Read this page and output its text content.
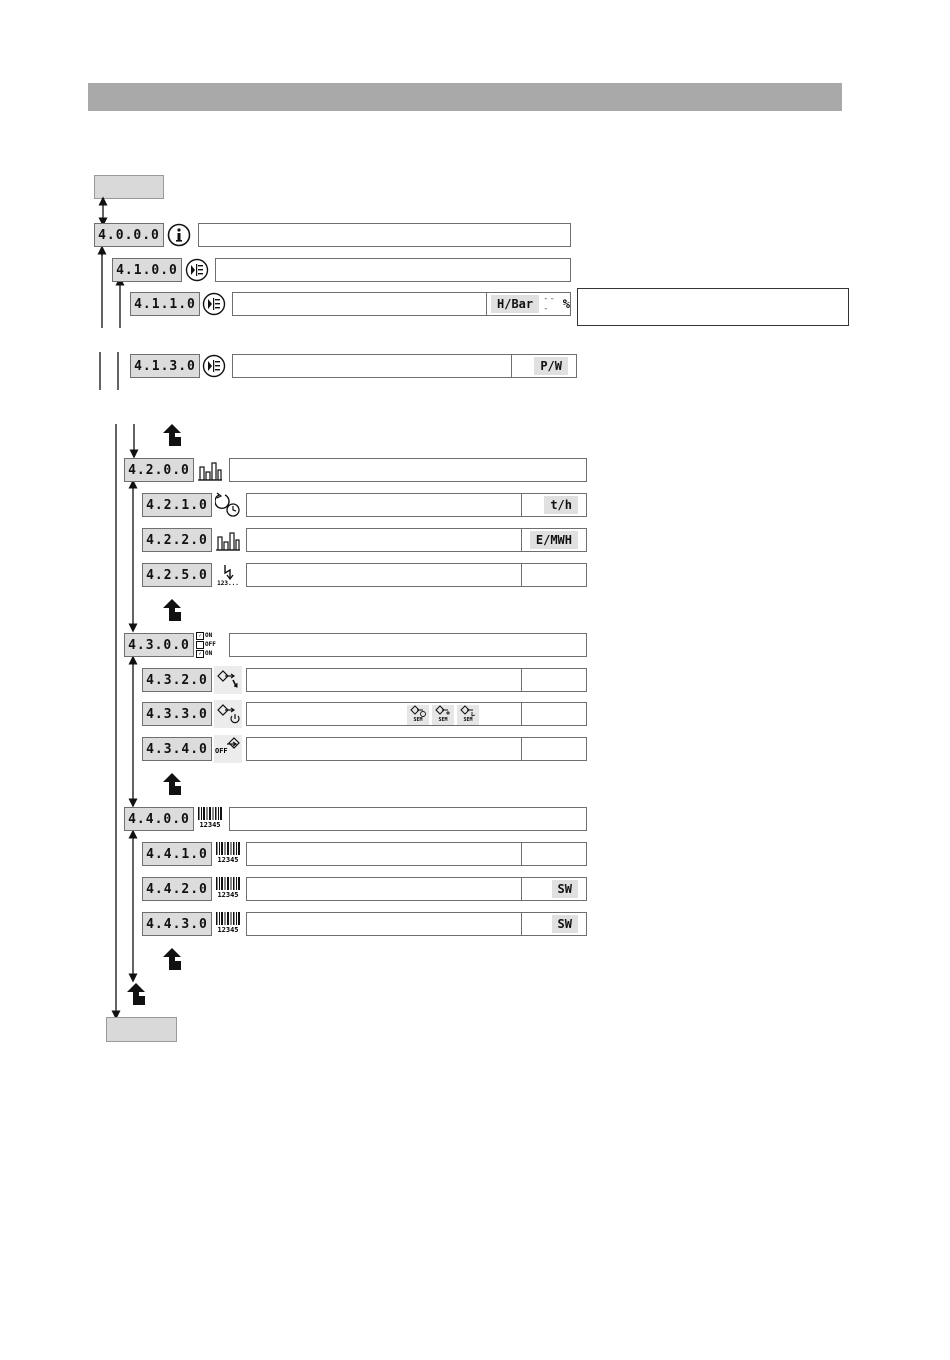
4.0.0.0
4.1.0.0
4.1.1.0	H/Bar	---	%
4.1.3.0	P/W
4.2.0.0
4.2.1.0	t/h
4.2.2.0	E/MWH
4.2.5.0
123...
4.3.0.0
✓ ON
OFF
✓ ON
4.3.2.0
4.3.3.0	SEM	SEM	SEM
4.3.4.0	OFF
4.4.0.0	12345
4.4.1.0	12345
4.4.2.0	12345	SW
4.4.3.0	12345	SW
